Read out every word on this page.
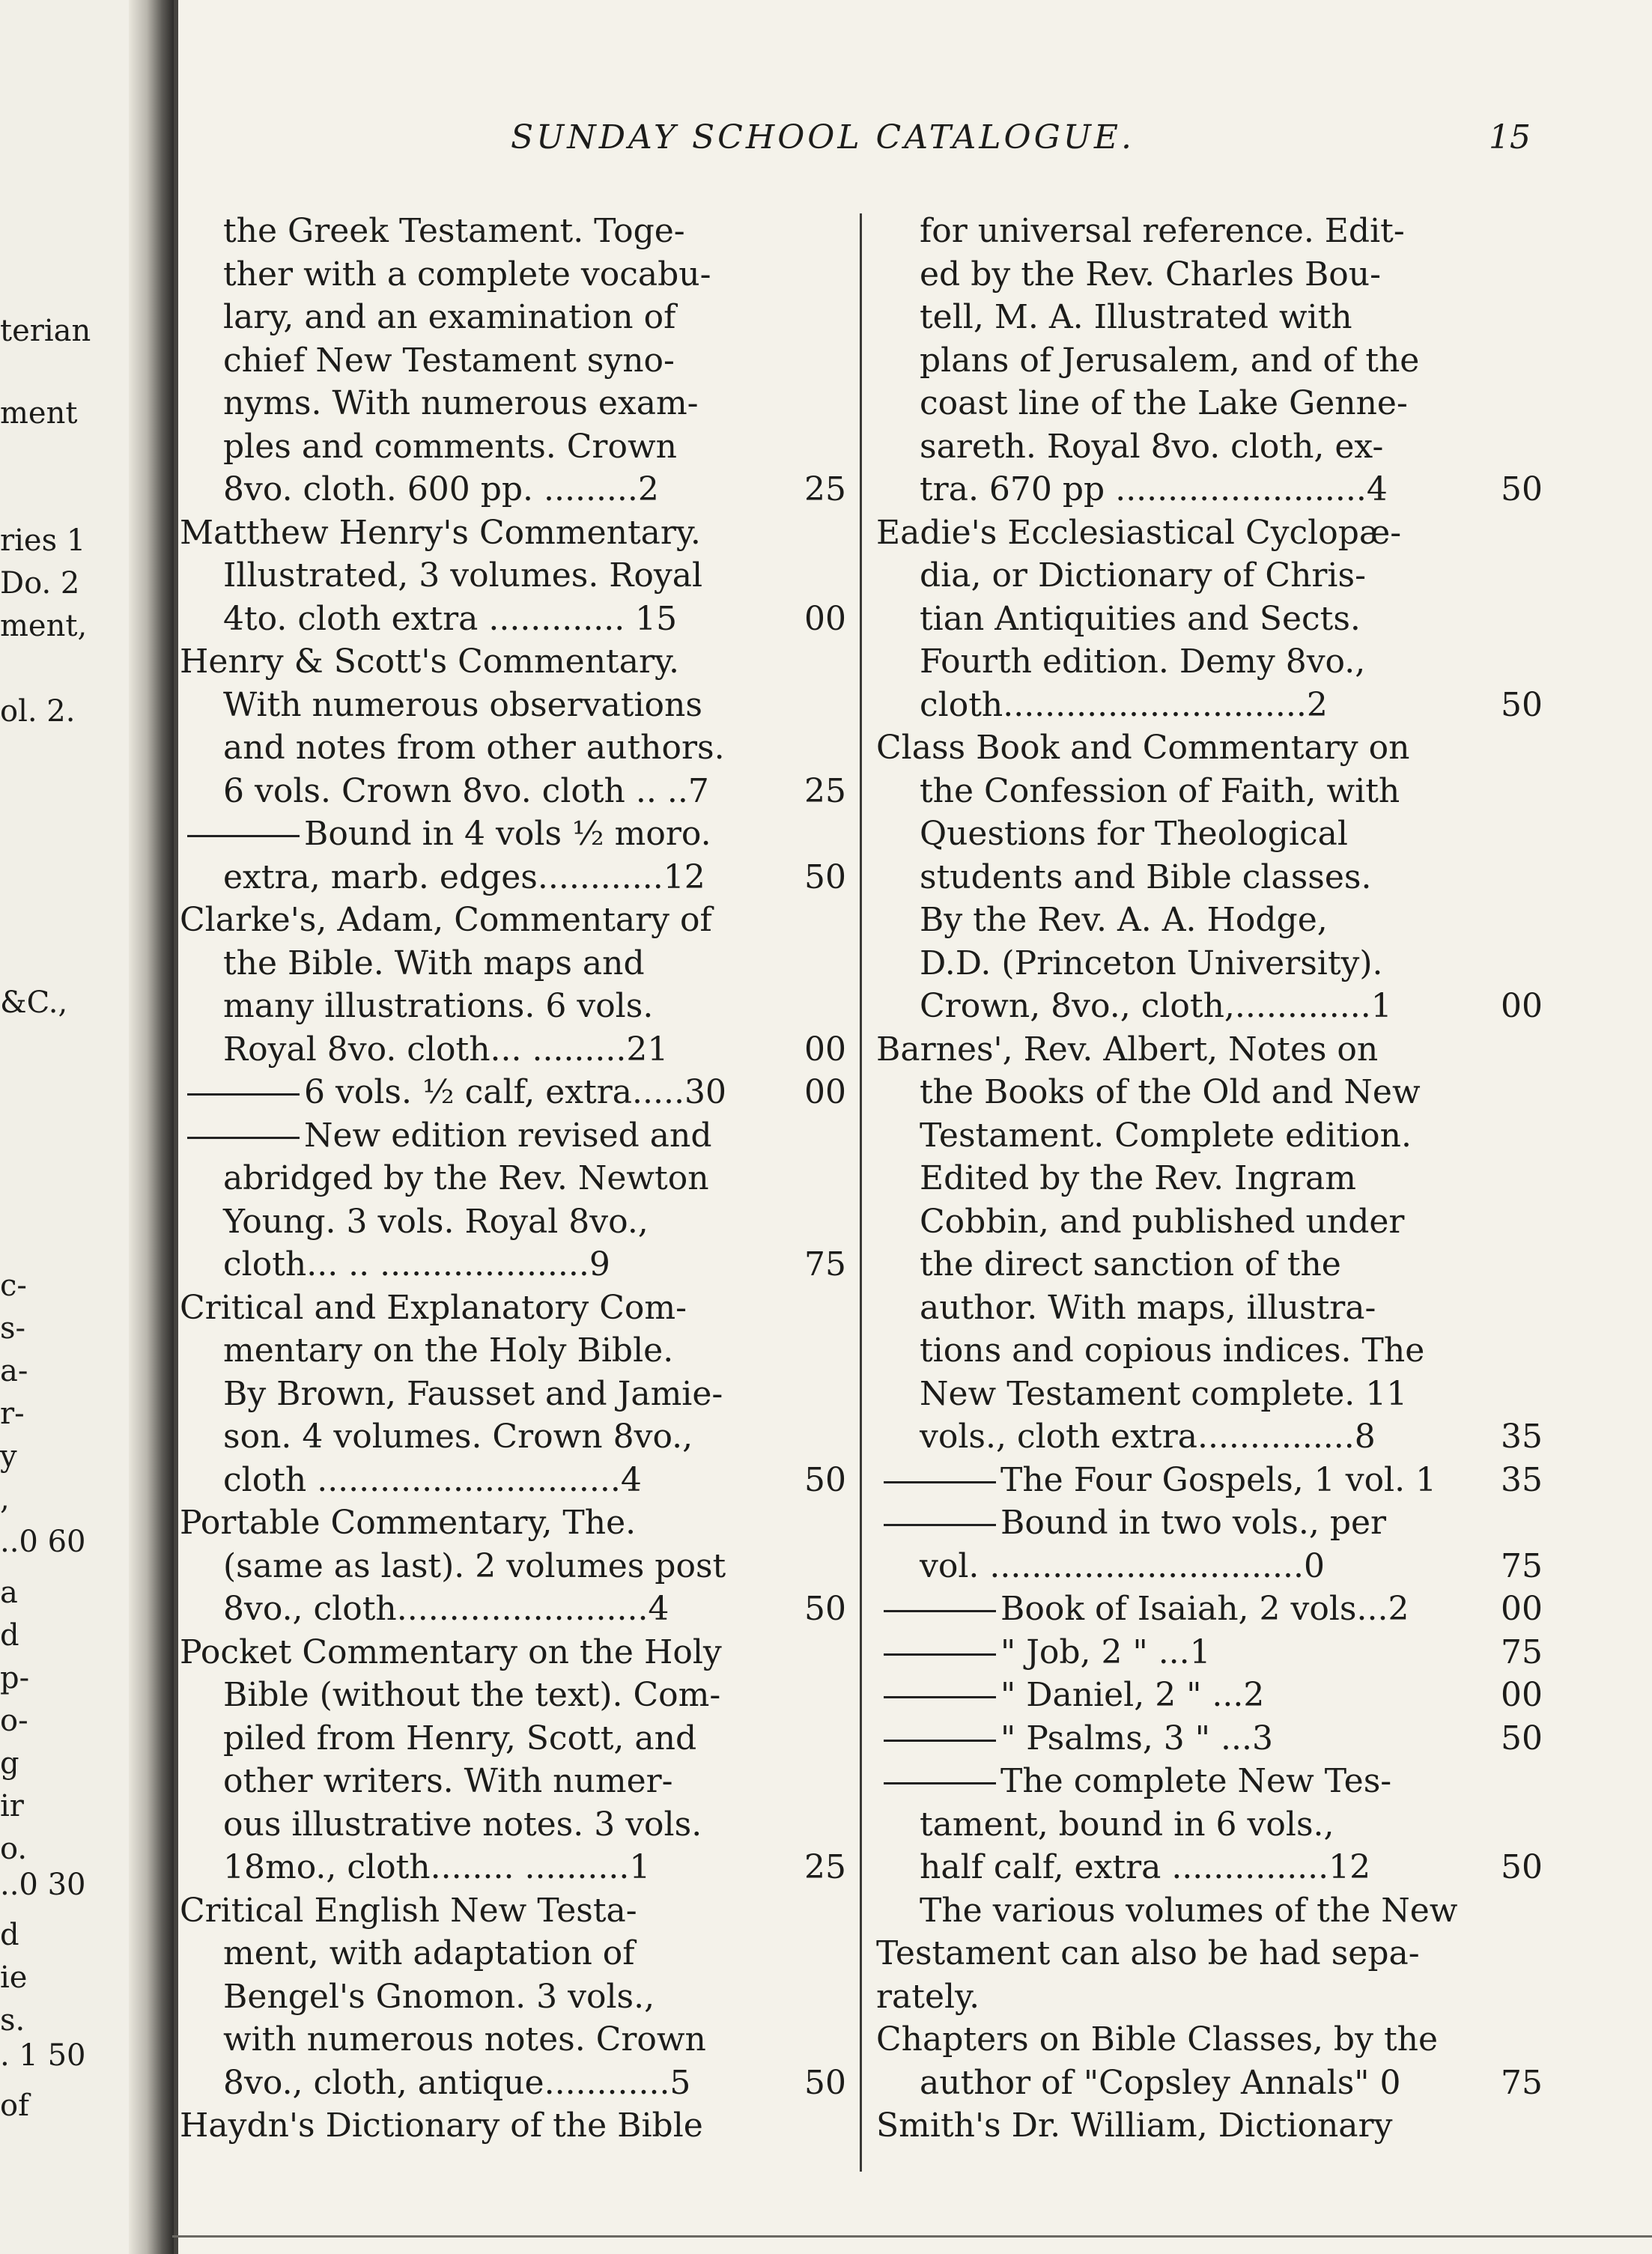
terian
ment
ries 1
Do. 2
ment,
ol. 2.
&C.,
c-
s-
a-
r-
y
,
..0 60
a
d
p-
o-
g
ir
o.
..0 30
d
ie
s.
. 1 50
of
SUNDAY SCHOOL CATALOGUE.	15
the Greek Testament. Toge-
ther with a complete vocabu-
lary, and an examination of
chief New Testament syno-
nyms. With numerous exam-
ples and comments. Crown
8vo. cloth. 600 pp. .........2	25
Matthew Henry's Commentary.
Illustrated, 3 volumes. Royal
4to. cloth extra ............. 15	00
Henry & Scott's Commentary.
With numerous observations
and notes from other authors.
6 vols. Crown 8vo. cloth .. ..7	25
Bound in 4 vols ½ moro.
extra, marb. edges............12	50
Clarke's, Adam, Commentary of
the Bible. With maps and
many illustrations. 6 vols.
Royal 8vo. cloth... .........21	00
6 vols. ½ calf, extra.....30 00
New edition revised and
abridged by the Rev. Newton
Young. 3 vols. Royal 8vo.,
cloth... .. ....................9	75
Critical and Explanatory Com-
mentary on the Holy Bible.
By Brown, Fausset and Jamie-
son. 4 volumes. Crown 8vo.,
cloth .............................4	50
Portable Commentary, The.
(same as last). 2 volumes post
8vo., cloth........................4	50
Pocket Commentary on the Holy
Bible (without the text). Com-
piled from Henry, Scott, and
other writers. With numer-
ous illustrative notes. 3 vols.
18mo., cloth........ ..........1	25
Critical English New Testa-
ment, with adaptation of
Bengel's Gnomon. 3 vols.,
with numerous notes. Crown
8vo., cloth, antique............5	50
Haydn's Dictionary of the Bible
for universal reference. Edit-
ed by the Rev. Charles Bou-
tell, M. A. Illustrated with
plans of Jerusalem, and of the
coast line of the Lake Genne-
sareth. Royal 8vo. cloth, ex-
tra. 670 pp ........................4	50
Eadie's Ecclesiastical Cyclopæ-
dia, or Dictionary of Chris-
tian Antiquities and Sects.
Fourth edition. Demy 8vo.,
cloth.............................2	50
Class Book and Commentary on
the Confession of Faith, with
Questions for Theological
students and Bible classes.
By the Rev. A. A. Hodge,
D.D. (Princeton University).
Crown, 8vo., cloth,.............1	00
Barnes', Rev. Albert, Notes on
the Books of the Old and New
Testament. Complete edition.
Edited by the Rev. Ingram
Cobbin, and published under
the direct sanction of the
author. With maps, illustra-
tions and copious indices. The
New Testament complete. 11
vols., cloth extra...............8	35
The Four Gospels, 1 vol. 1 35
Bound in two vols., per
vol. ..............................0	75
Book of Isaiah, 2 vols...2	00
" Job, 2 " ...1	75
" Daniel, 2 " ...2	00
" Psalms, 3 " ...3	50
The complete New Tes-
tament, bound in 6 vols.,
half calf, extra ...............12	50
The various volumes of the New
Testament can also be had sepa-
rately.
Chapters on Bible Classes, by the
author of "Copsley Annals" 0	75
Smith's Dr. William, Dictionary
